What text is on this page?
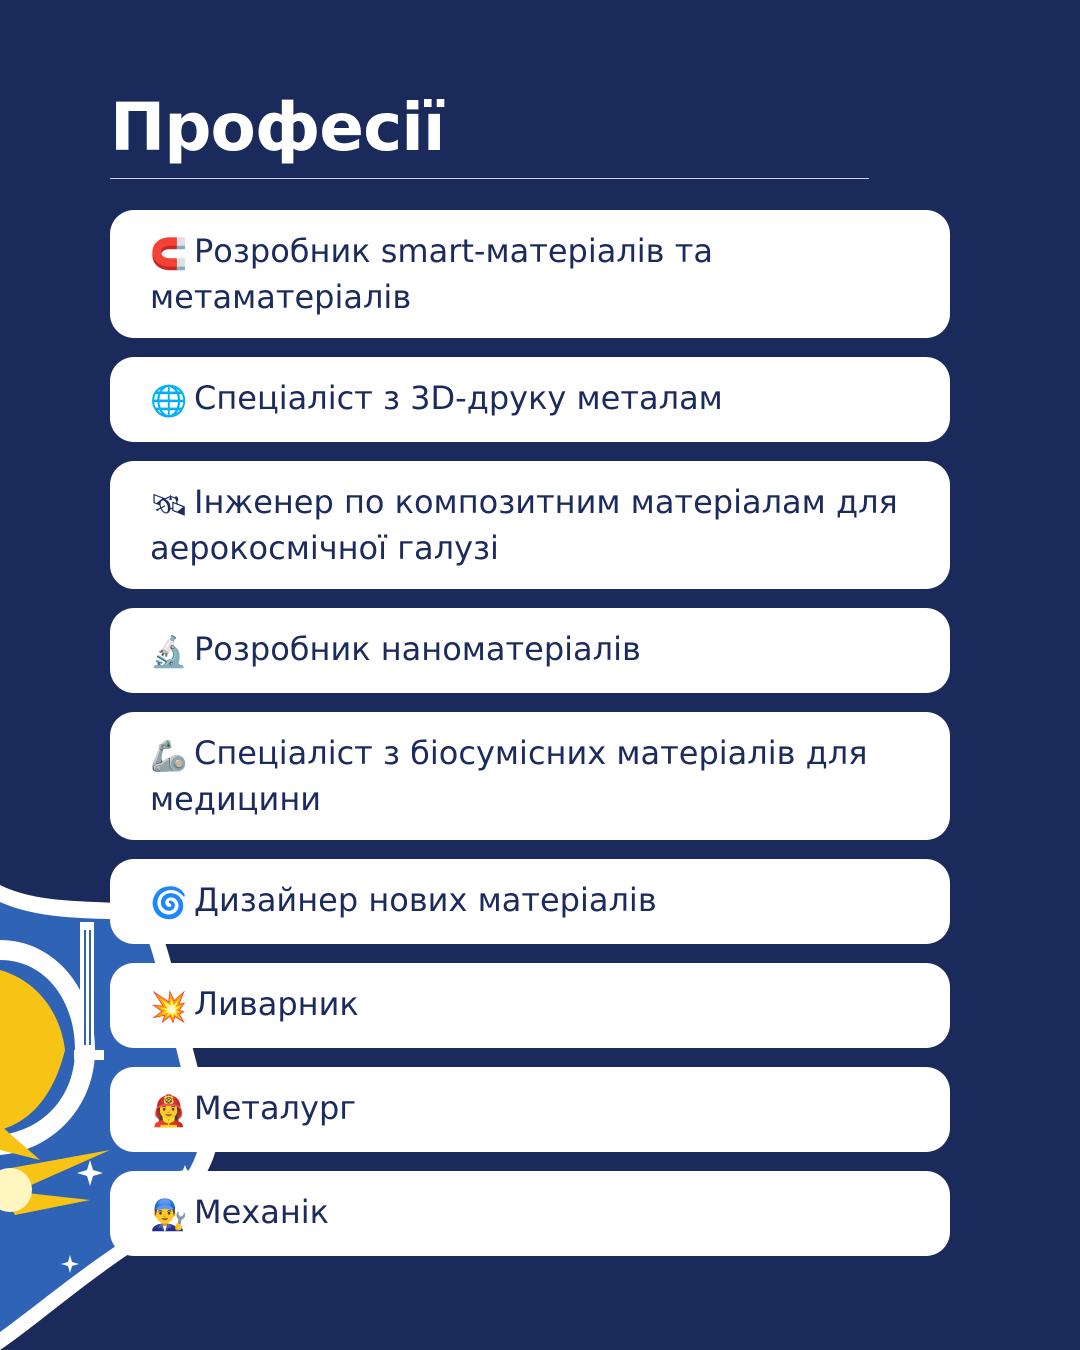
Професії
🧲 Розробник smart-матеріалів та метаматеріалів
🌐 Спеціаліст з 3D-друку металам
🛰 Інженер по композитним матеріалам для аерокосмічної галузі
🔬 Розробник наноматеріалів
🦾 Спеціаліст з біосумісних матеріалів для медицини
🌀 Дизайнер нових матеріалів
💥 Ливарник
👩‍🚒 Металург
👨‍🔧 Механік
